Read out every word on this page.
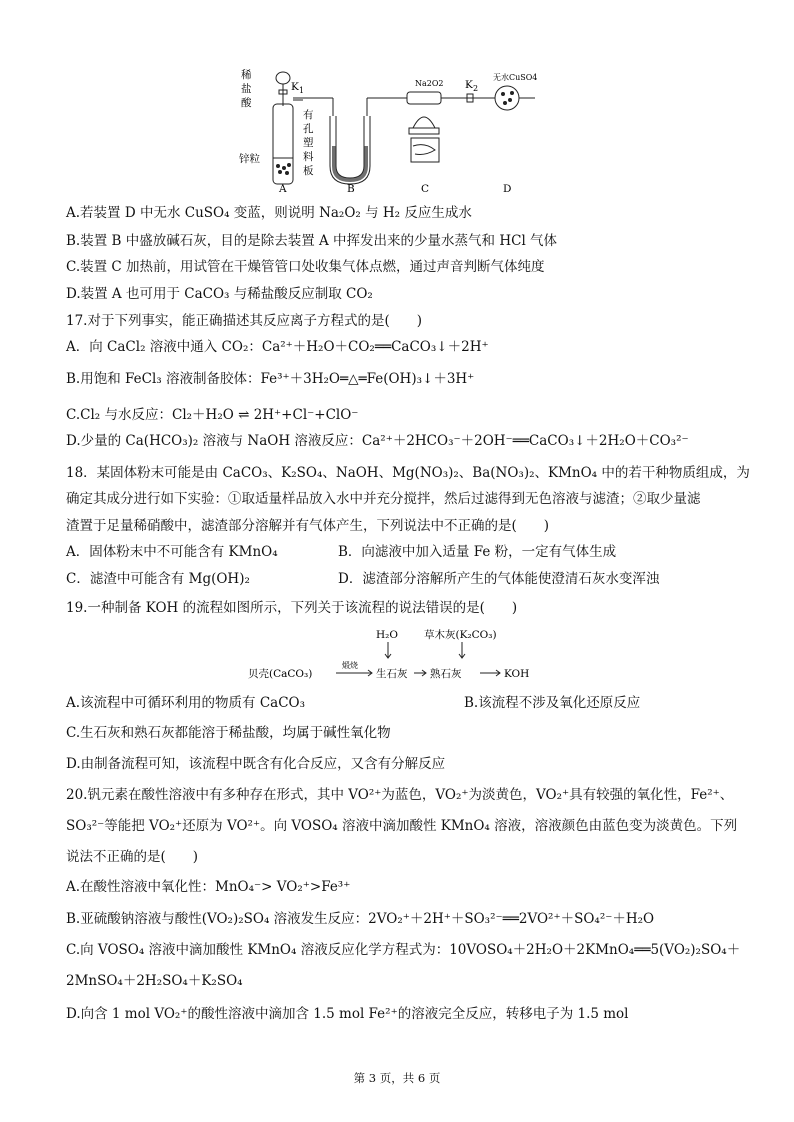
稀
盐
酸
K 1
有
孔
塑
料
板
锌粒
Na2O2 K 2
无水CuSO4
A	B	C	D
A.若装置 D 中无水 CuSO₄ 变蓝，则说明 Na₂O₂ 与 H₂ 反应生成水
B.装置 B 中盛放碱石灰，目的是除去装置 A 中挥发出来的少量水蒸气和 HCl 气体
C.装置 C 加热前，用试管在干燥管管口处收集气体点燃，通过声音判断气体纯度
D.装置 A 也可用于 CaCO₃ 与稀盐酸反应制取 CO₂
17.对于下列事实，能正确描述其反应离子方程式的是(　　)
A．向 CaCl₂ 溶液中通入 CO₂：Ca²⁺＋H₂O＋CO₂══CaCO₃↓＋2H⁺
B.用饱和 FeCl₃ 溶液制备胶体：Fe³⁺＋3H₂O═△═Fe(OH)₃↓＋3H⁺
C.Cl₂ 与水反应：Cl₂＋H₂O ⇌ 2H⁺+Cl⁻+ClO⁻
D.少量的 Ca(HCO₃)₂ 溶液与 NaOH 溶液反应：Ca²⁺＋2HCO₃⁻＋2OH⁻══CaCO₃↓＋2H₂O＋CO₃²⁻
18．某固体粉末可能是由 CaCO₃、K₂SO₄、NaOH、Mg(NO₃)₂、Ba(NO₃)₂、KMnO₄ 中的若干种物质组成，为
确定其成分进行如下实验：①取适量样品放入水中并充分搅拌，然后过滤得到无色溶液与滤渣；②取少量滤
渣置于足量稀硝酸中，滤渣部分溶解并有气体产生，下列说法中不正确的是(　　)
A．固体粉末中不可能含有 KMnO₄	B．向滤液中加入适量 Fe 粉，一定有气体生成
C．滤渣中可能含有 Mg(OH)₂	D．滤渣部分溶解所产生的气体能使澄清石灰水变浑浊
19.一种制备 KOH 的流程如图所示，下列关于该流程的说法错误的是(　　)
H₂O 草木灰(K₂CO₃)
贝壳(CaCO₃)
煅烧
生石灰 熟石灰	KOH
A.该流程中可循环利用的物质有 CaCO₃	B.该流程不涉及氧化还原反应
C.生石灰和熟石灰都能溶于稀盐酸，均属于碱性氧化物
D.由制备流程可知，该流程中既含有化合反应，又含有分解反应
20.钒元素在酸性溶液中有多种存在形式，其中 VO²⁺为蓝色，VO₂⁺为淡黄色，VO₂⁺具有较强的氧化性，Fe²⁺、
SO₃²⁻等能把 VO₂⁺还原为 VO²⁺。向 VOSO₄ 溶液中滴加酸性 KMnO₄ 溶液，溶液颜色由蓝色变为淡黄色。下列
说法不正确的是(　　)
A.在酸性溶液中氧化性：MnO₄⁻> VO₂⁺>Fe³⁺
B.亚硫酸钠溶液与酸性(VO₂)₂SO₄ 溶液发生反应：2VO₂⁺＋2H⁺＋SO₃²⁻══2VO²⁺＋SO₄²⁻＋H₂O
C.向 VOSO₄ 溶液中滴加酸性 KMnO₄ 溶液反应化学方程式为：10VOSO₄＋2H₂O＋2KMnO₄══5(VO₂)₂SO₄＋
2MnSO₄＋2H₂SO₄＋K₂SO₄
D.向含 1 mol VO₂⁺的酸性溶液中滴加含 1.5 mol Fe²⁺的溶液完全反应，转移电子为 1.5 mol
第 3 页，共 6 页
